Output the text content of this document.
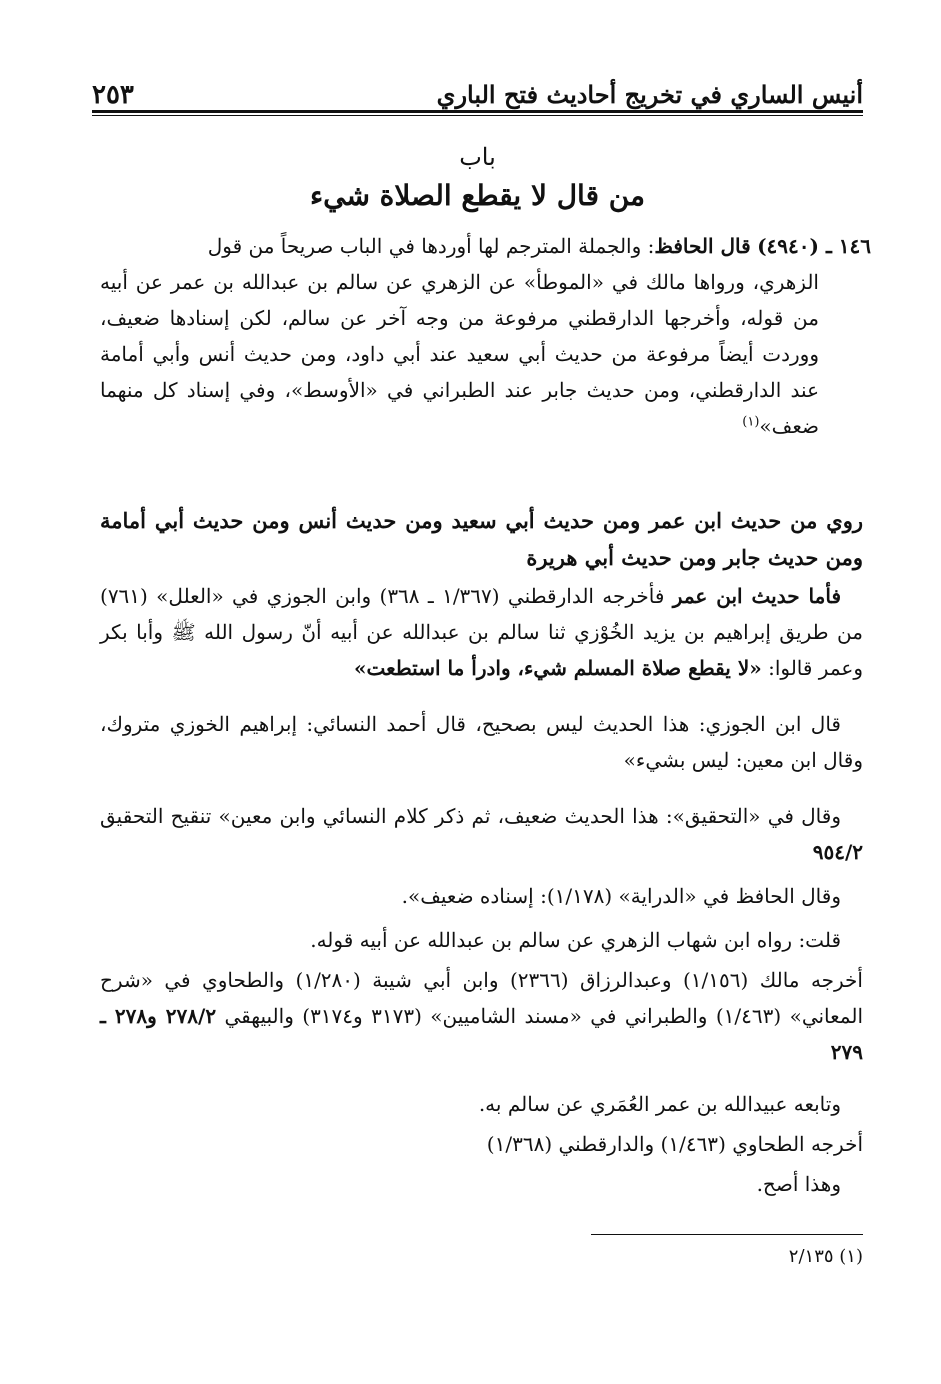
أنيس الساري في تخريج أحاديث فتح الباري
٢٥٣
باب
من قال لا يقطع الصلاة شيء
١٤٦ ـ (٤٩٤٠) قال الحافظ: والجملة المترجم لها أوردها في الباب صريحاً من قول
الزهري، ورواها مالك في «الموطأ» عن الزهري عن سالم بن عبدالله بن عمر عن أبيه من قوله، وأخرجها الدارقطني مرفوعة من وجه آخر عن سالم، لكن إسنادها ضعيف، ووردت أيضاً مرفوعة من حديث أبي سعيد عند أبي داود، ومن حديث أنس وأبي أمامة عند الدارقطني، ومن حديث جابر عند الطبراني في «الأوسط»، وفي إسناد كل منهما ضعف»$^{(١)}$
روي من حديث ابن عمر ومن حديث أبي سعيد ومن حديث أنس ومن حديث أبي أمامة ومن حديث جابر ومن حديث أبي هريرة
فأما حديث ابن عمر فأخرجه الدارقطني (١/٣٦٧ ـ ٣٦٨) وابن الجوزي في «العلل» (٧٦١) من طريق إبراهيم بن يزيد الخُوْزي ثنا سالم بن عبدالله عن أبيه أنّ رسول الله ﷺ وأبا بكر وعمر قالوا: «لا يقطع صلاة المسلم شيء، وادرأ ما استطعت»
قال ابن الجوزي: هذا الحديث ليس بصحيح، قال أحمد النسائي: إبراهيم الخوزي متروك، وقال ابن معين: ليس بشيء»
وقال في «التحقيق»: هذا الحديث ضعيف، ثم ذكر كلام النسائي وابن معين» تنقيح التحقيق ٩٥٤/٢
وقال الحافظ في «الدراية» (١/١٧٨): إسناده ضعيف».
قلت: رواه ابن شهاب الزهري عن سالم بن عبدالله عن أبيه قوله.
أخرجه مالك (١/١٥٦) وعبدالرزاق (٢٣٦٦) وابن أبي شيبة (١/٢٨٠) والطحاوي في «شرح المعاني» (١/٤٦٣) والطبراني في «مسند الشاميين» (٣١٧٣ و٣١٧٤) والبيهقي ٢٧٨/٢ و٢٧٨ ـ ٢٧٩
وتابعه عبيدالله بن عمر العُمَري عن سالم به.
أخرجه الطحاوي (١/٤٦٣) والدارقطني (١/٣٦٨)
وهذا أصح.
(١) ٢/١٣٥
